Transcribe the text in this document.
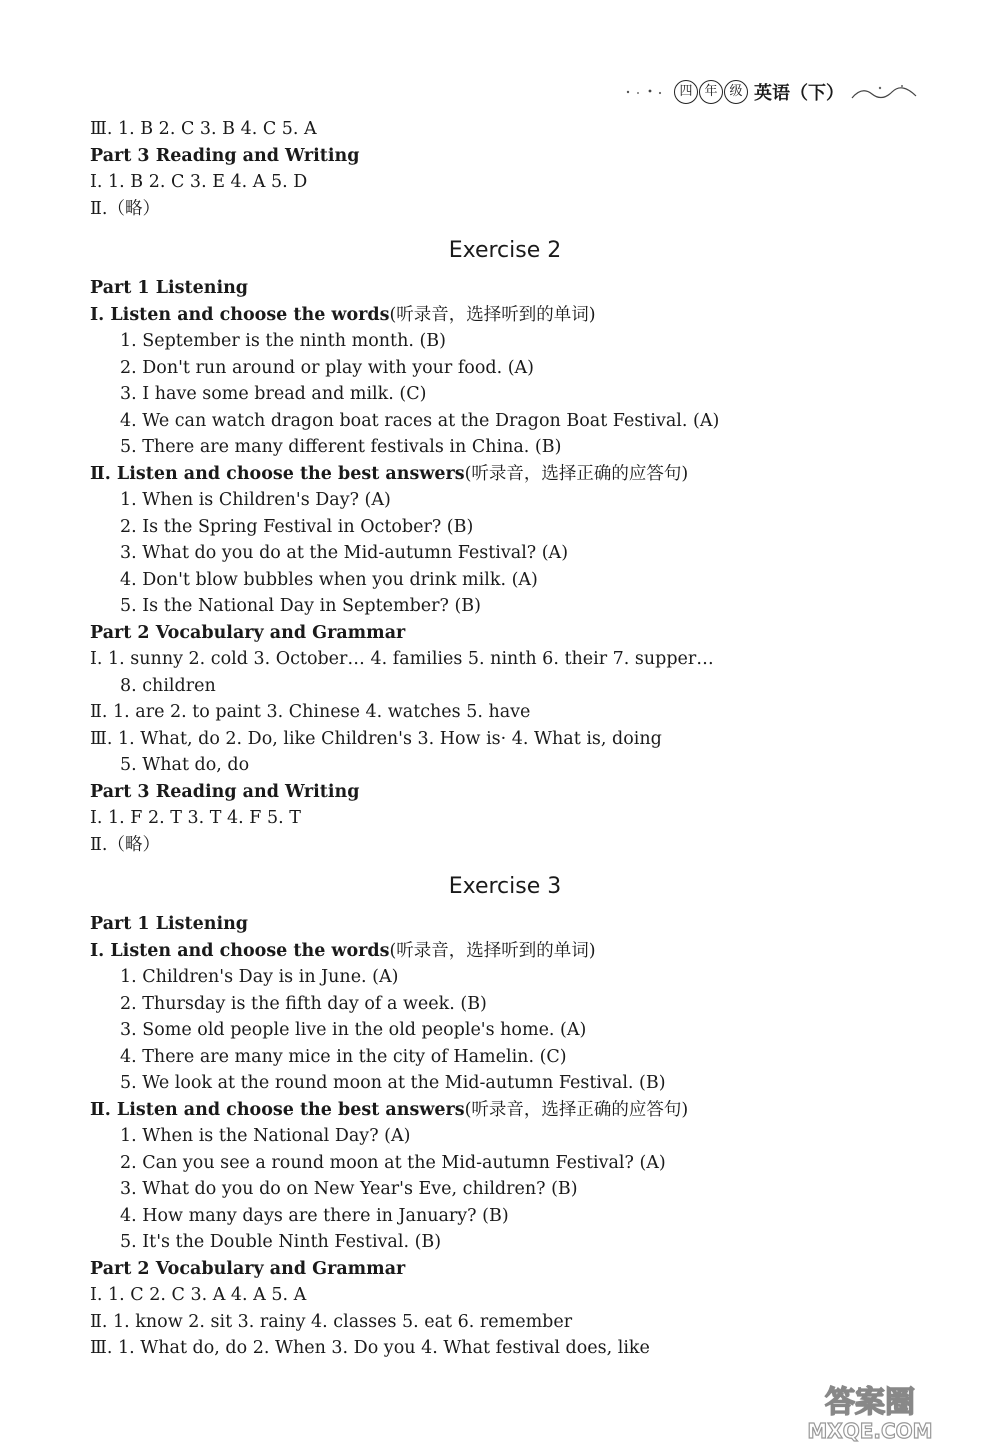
四 年 级 英语（下）
Ⅲ. 1. B 2. C 3. B 4. C 5. A
Part 3 Reading and Writing
Ⅰ. 1. B 2. C 3. E 4. A 5. D
Ⅱ.（略）
Exercise 2
Part 1 Listening
Ⅰ. Listen and choose the words(听录音，选择听到的单词)
1. September is the ninth month. (B)
2. Don't run around or play with your food. (A)
3. I have some bread and milk. (C)
4. We can watch dragon boat races at the Dragon Boat Festival. (A)
5. There are many different festivals in China. (B)
Ⅱ. Listen and choose the best answers(听录音，选择正确的应答句)
1. When is Children's Day? (A)
2. Is the Spring Festival in October? (B)
3. What do you do at the Mid-autumn Festival? (A)
4. Don't blow bubbles when you drink milk. (A)
5. Is the National Day in September? (B)
Part 2 Vocabulary and Grammar
Ⅰ. 1. sunny 2. cold 3. October… 4. families 5. ninth 6. their 7. supper…
8. children
Ⅱ. 1. are 2. to paint 3. Chinese 4. watches 5. have
Ⅲ. 1. What, do 2. Do, like Children's 3. How is· 4. What is, doing
5. What do, do
Part 3 Reading and Writing
Ⅰ. 1. F 2. T 3. T 4. F 5. T
Ⅱ.（略）
Exercise 3
Part 1 Listening
Ⅰ. Listen and choose the words(听录音，选择听到的单词)
1. Children's Day is in June. (A)
2. Thursday is the fifth day of a week. (B)
3. Some old people live in the old people's home. (A)
4. There are many mice in the city of Hamelin. (C)
5. We look at the round moon at the Mid-autumn Festival. (B)
Ⅱ. Listen and choose the best answers(听录音，选择正确的应答句)
1. When is the National Day? (A)
2. Can you see a round moon at the Mid-autumn Festival? (A)
3. What do you do on New Year's Eve, children? (B)
4. How many days are there in January? (B)
5. It's the Double Ninth Festival. (B)
Part 2 Vocabulary and Grammar
Ⅰ. 1. C 2. C 3. A 4. A 5. A
Ⅱ. 1. know 2. sit 3. rainy 4. classes 5. eat 6. remember
Ⅲ. 1. What do, do 2. When 3. Do you 4. What festival does, like
答案圈
MXQE.COM
